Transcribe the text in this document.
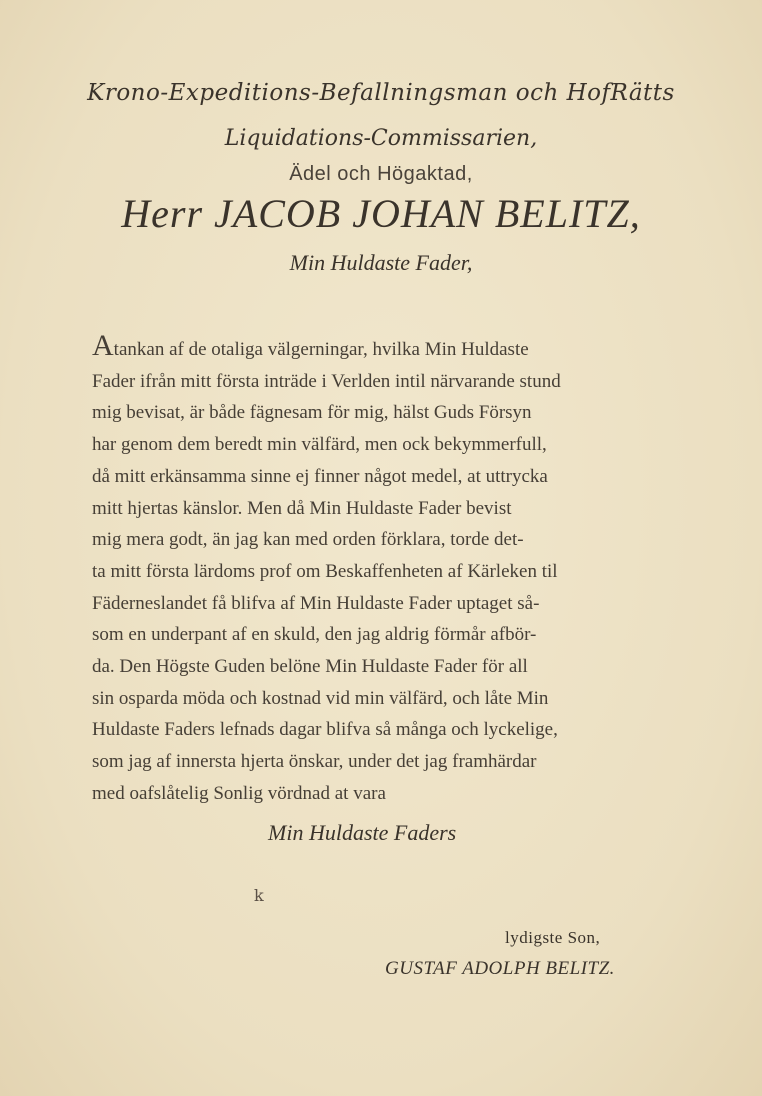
Krono-Expeditions-Befallningsman och HofRätts
Liquidations-Commissarien,
Ädel och Högaktad,
Herr JACOB JOHAN BELITZ,
Min Huldaste Fader,
Atankan af de otaliga välgerningar, hvilka Min Huldaste
Fader ifrån mitt första inträde i Verlden intil närvarande stund
mig bevisat, är både fägnesam för mig, hälst Guds Försyn
har genom dem beredt min välfärd, men ock bekymmerfull,
då mitt erkänsamma sinne ej finner något medel, at uttrycka
mitt hjertas känslor. Men då Min Huldaste Fader bevist
mig mera godt, än jag kan med orden förklara, torde det-
ta mitt första lärdoms prof om Beskaffenheten af Kärleken til
Fäderneslandet få blifva af Min Huldaste Fader uptaget så-
som en underpant af en skuld, den jag aldrig förmår afbör-
da. Den Högste Guden belöne Min Huldaste Fader för all
sin osparda möda och kostnad vid min välfärd, och låte Min
Huldaste Faders lefnads dagar blifva så många och lyckelige,
som jag af innersta hjerta önskar, under det jag framhärdar
med oafslåtelig Sonlig vördnad at vara
Min Huldaste Faders
k
lydigste Son,
GUSTAF ADOLPH BELITZ.
